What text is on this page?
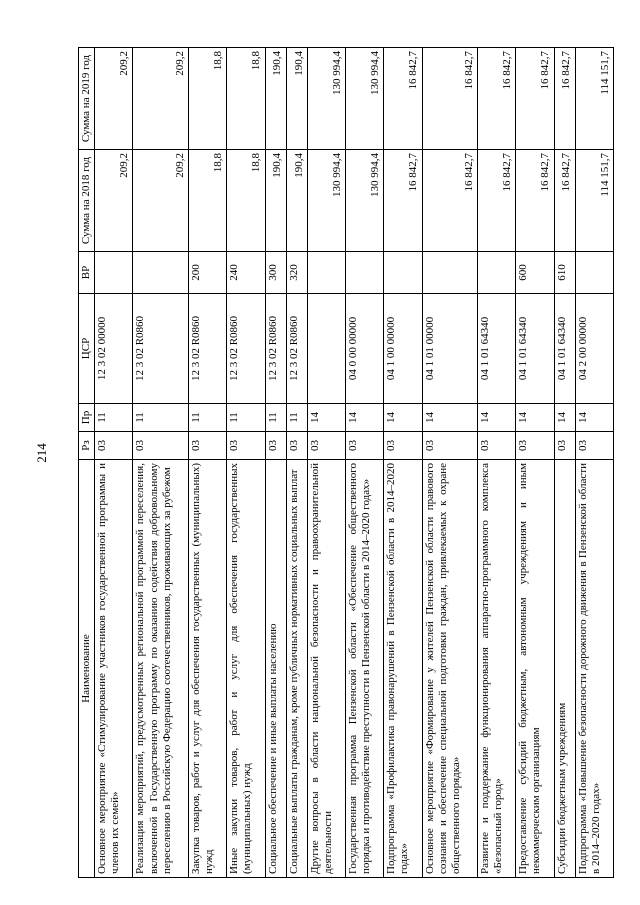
214
Наименование	Рз	Пр	ЦСР	ВР	Сумма на 2018 год	Сумма на 2019 год
Основное мероприятие «Стимулирование участников государственной программы и членов их семей»	03	11	12 3 02 00000		209,2	209,2
Реализация мероприятий, предусмотренных региональной программой переселения, включенной в Государственную программу по оказанию содействия добровольному переселению в Российскую Федерацию соотечественников, проживающих за рубежом	03	11	12 3 02 R0860		209,2	209,2
Закупка товаров, работ и услуг для обеспечения государственных (муниципальных) нужд	03	11	12 3 02 R0860	200	18,8	18,8
Иные закупки товаров, работ и услуг для обеспечения государственных (муниципальных) нужд	03	11	12 3 02 R0860	240	18,8	18,8
Социальное обеспечение и иные выплаты населению	03	11	12 3 02 R0860	300	190,4	190,4
Социальные выплаты гражданам, кроме публичных нормативных социальных выплат	03	11	12 3 02 R0860	320	190,4	190,4
Другие вопросы в области национальной безопасности и правоохранительной деятельности	03	14			130 994,4	130 994,4
Государственная программа Пензенской области «Обеспечение общественного порядка и противодействие преступности в Пензенской области в 2014–2020 годах»	03	14	04 0 00 00000		130 994,4	130 994,4
Подпрограмма «Профилактика правонарушений в Пензенской области в 2014–2020 годах»	03	14	04 1 00 00000		16 842,7	16 842,7
Основное мероприятие «Формирование у жителей Пензенской области правового сознания и обеспечение специальной подготовки граждан, привлекаемых к охране общественного порядка»	03	14	04 1 01 00000		16 842,7	16 842,7
Развитие и поддержание функционирования аппаратно-программного комплекса «Безопасный город»	03	14	04 1 01 64340		16 842,7	16 842,7
Предоставление субсидий бюджетным, автономным учреждениям и иным некоммерческим организациям	03	14	04 1 01 64340	600	16 842,7	16 842,7
Субсидии бюджетным учреждениям	03	14	04 1 01 64340	610	16 842,7	16 842,7
Подпрограмма «Повышение безопасности дорожного движения в Пензенской области в 2014–2020 годах»	03	14	04 2 00 00000		114 151,7	114 151,7
